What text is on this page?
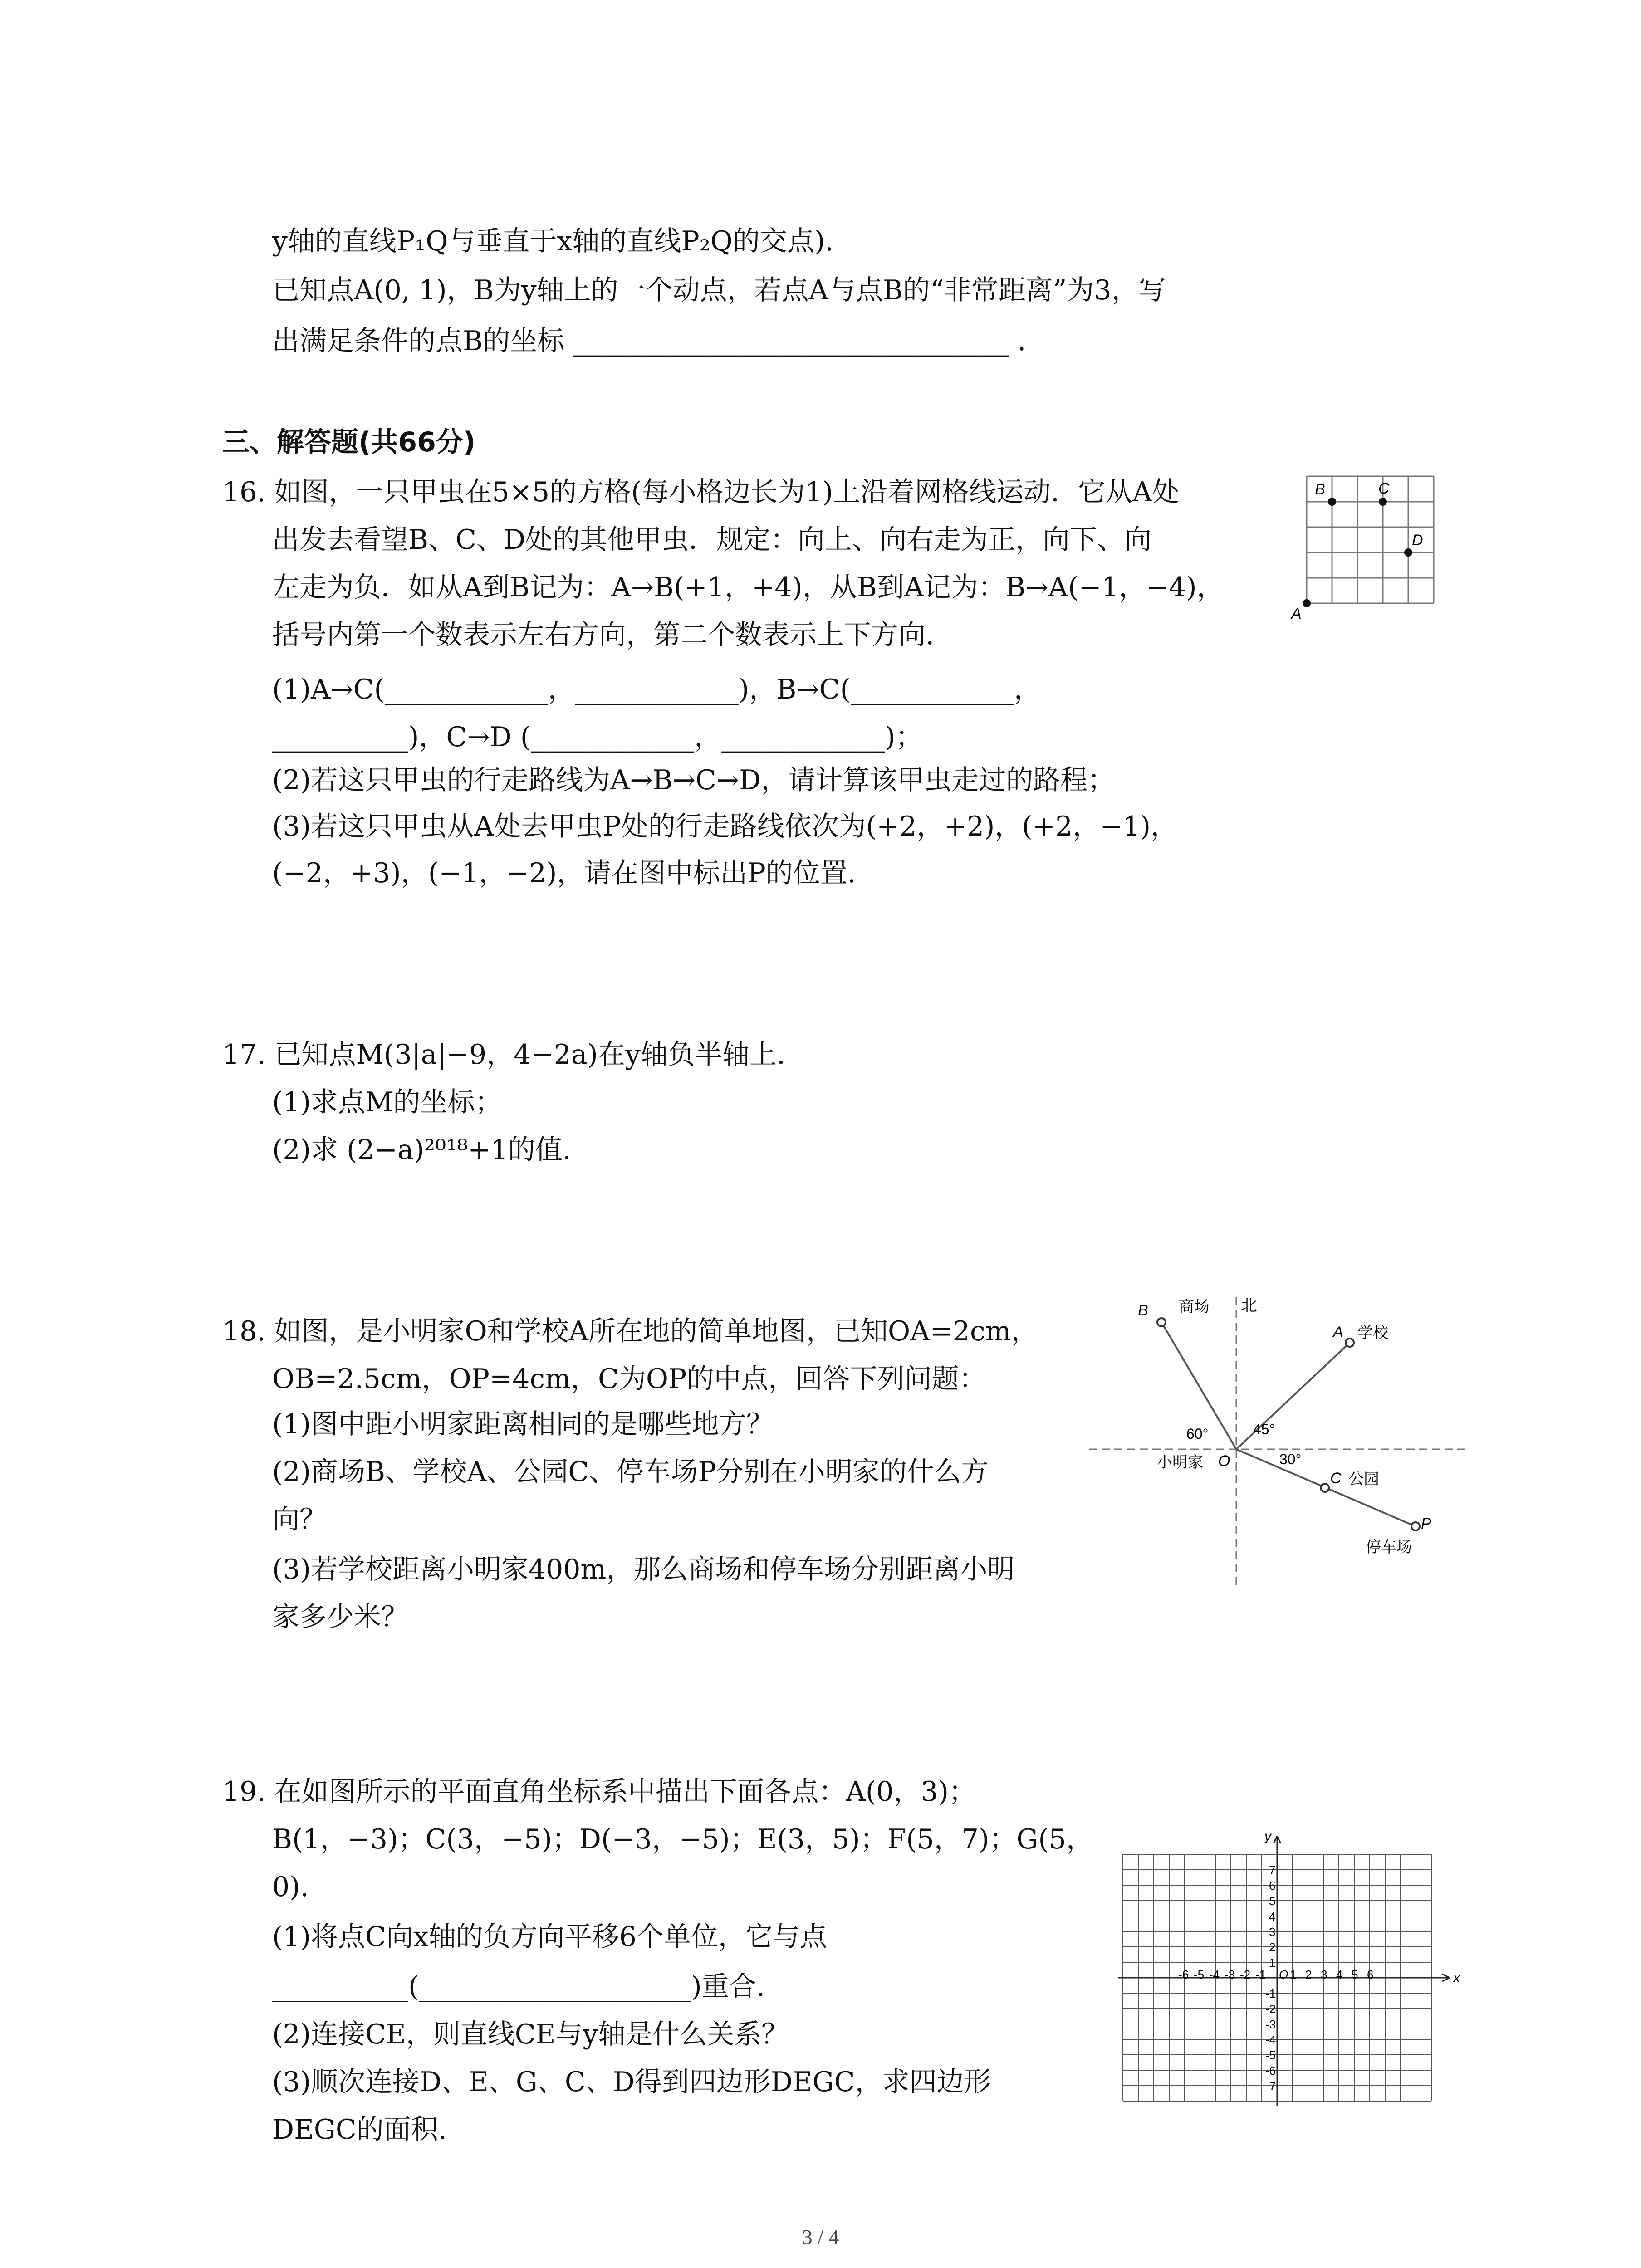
y轴的直线P₁Q与垂直于x轴的直线P₂Q的交点).
已知点A(0, 1)，B为y轴上的一个动点，若点A与点B的“非常距离”为3，写
出满足条件的点B的坐标 ________________________________ .
三、解答题(共66分)
16. 如图，一只甲虫在5×5的方格(每小格边长为1)上沿着网格线运动．它从A处
出发去看望B、C、D处的其他甲虫．规定：向上、向右走为正，向下、向
左走为负．如从A到B记为：A→B(+1，+4)，从B到A记为：B→A(−1，−4)，
括号内第一个数表示左右方向，第二个数表示上下方向.
(1)A→C(____________，____________)，B→C(____________，
__________)，C→D (____________，____________)；
(2)若这只甲虫的行走路线为A→B→C→D，请计算该甲虫走过的路程；
(3)若这只甲虫从A处去甲虫P处的行走路线依次为(+2，+2)，(+2，−1)，
(−2，+3)，(−1，−2)，请在图中标出P的位置.
17. 已知点M(3|a|−9，4−2a)在y轴负半轴上.
(1)求点M的坐标；
(2)求 (2−a)²⁰¹⁸+1的值.
18. 如图，是小明家O和学校A所在地的简单地图，已知OA=2cm，
OB=2.5cm，OP=4cm，C为OP的中点，回答下列问题：
(1)图中距小明家距离相同的是哪些地方？
(2)商场B、学校A、公园C、停车场P分别在小明家的什么方
向？
(3)若学校距离小明家400m，那么商场和停车场分别距离小明
家多少米？
19. 在如图所示的平面直角坐标系中描出下面各点：A(0，3)；
B(1，−3)；C(3，−5)；D(−3，−5)；E(3，5)；F(5，7)；G(5，
0).
(1)将点C向x轴的负方向平移6个单位，它与点
__________(____________________)重合.
(2)连接CE，则直线CE与y轴是什么关系？
(3)顺次连接D、E、G、C、D得到四边形DEGC，求四边形
DEGC的面积.
B	C
D
A
北
B 商场
A 学校
60°	45°
30°
小明家 O
C 公园
P
停车场
x
y
O
-6 -5 -4 -3 -2 -1 1 2 3 4 5 6
7
6
5
4
3
2
1
-1
-2
-3
-4
-5
-6
-7
3 / 4
